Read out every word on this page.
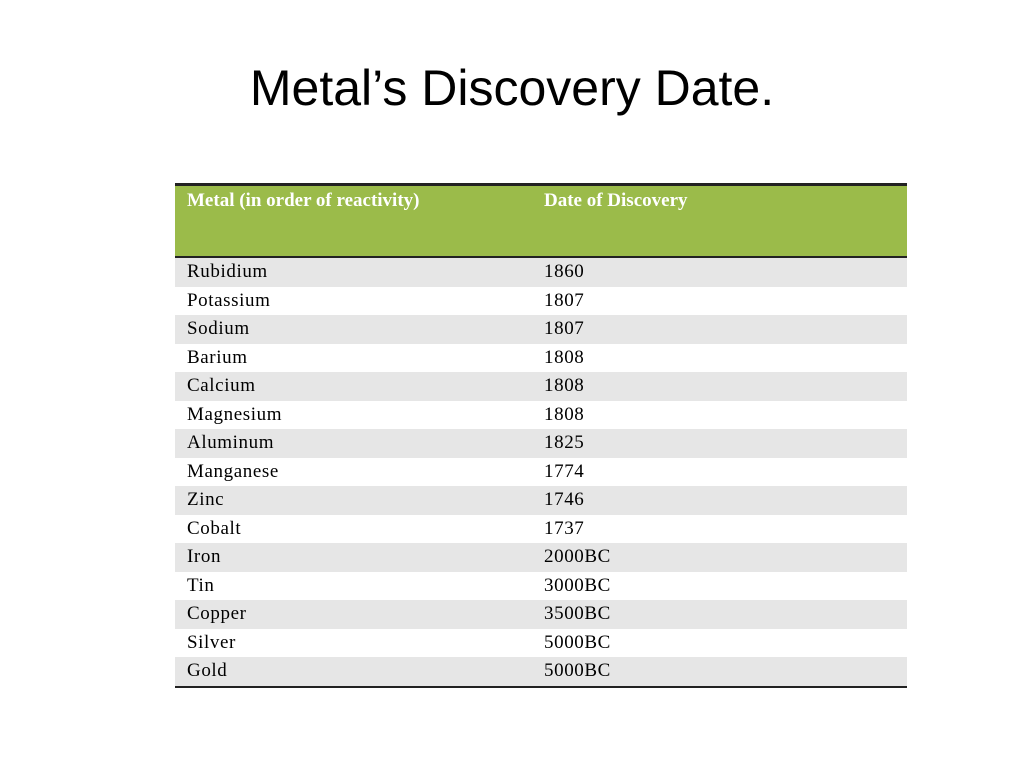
Metal’s Discovery Date.
Metal (in order of reactivity)	Date of Discovery
Rubidium	1860
Potassium	1807
Sodium	1807
Barium	1808
Calcium	1808
Magnesium	1808
Aluminum	1825
Manganese	1774
Zinc	1746
Cobalt	1737
Iron	2000BC
Tin	3000BC
Copper	3500BC
Silver	5000BC
Gold	5000BC
